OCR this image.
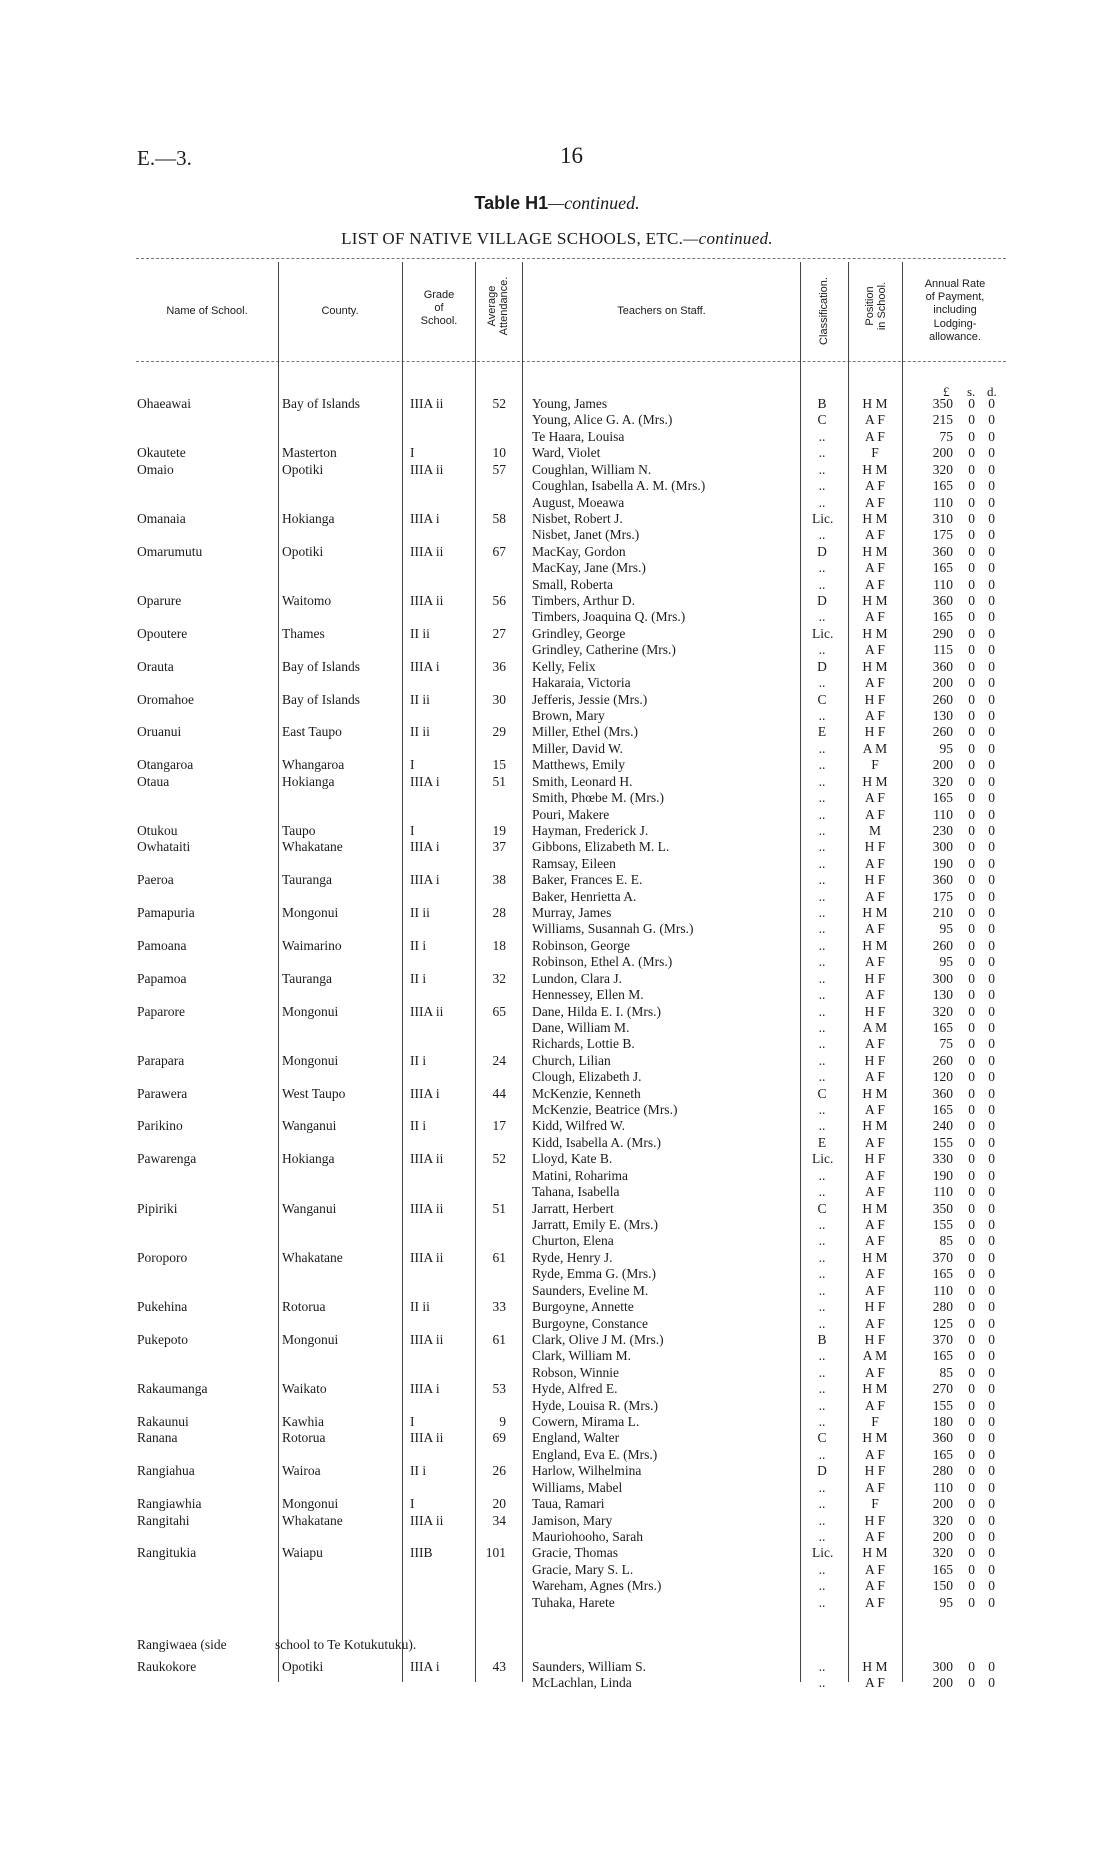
E.—3.	16
Table H1—continued.
LIST OF NATIVE VILLAGE SCHOOLS, ETC.—continued.
Name of School.	County.
Grade
of
School.	Average Attendance.	Teachers on Staff.	Classification.	Position in School.	Annual Rate
of Payment,
including
Lodging-
allowance.
£ s. d.
Ohaeawai	Bay of Islands	IIIA ii	52 Young, James	B	H M	350	0 0
Young, Alice G. A. (Mrs.)	C	A F	215	0 0
Te Haara, Louisa	..	A F	75	0 0
Okautete	Masterton	I	10 Ward, Violet	..	F	200	0 0
Omaio	Opotiki	IIIA ii	57 Coughlan, William N.	..	H M	320	0 0
Coughlan, Isabella A. M. (Mrs.)	..	A F	165	0 0
August, Moeawa	..	A F	110	0 0
Omanaia	Hokianga	IIIA i	58 Nisbet, Robert J.	Lic.	H M	310	0 0
Nisbet, Janet (Mrs.)	..	A F	175	0 0
Omarumutu	Opotiki	IIIA ii	67 MacKay, Gordon	D	H M	360	0 0
MacKay, Jane (Mrs.)	..	A F	165	0 0
Small, Roberta	..	A F	110	0 0
Oparure	Waitomo	IIIA ii	56 Timbers, Arthur D.	D	H M	360	0 0
Timbers, Joaquina Q. (Mrs.)	..	A F	165	0 0
Opoutere	Thames	II ii	27 Grindley, George	Lic.	H M	290	0 0
Grindley, Catherine (Mrs.)	..	A F	115	0 0
Orauta	Bay of Islands	IIIA i	36 Kelly, Felix	D	H M	360	0 0
Hakaraia, Victoria	..	A F	200	0 0
Oromahoe	Bay of Islands	II ii	30 Jefferis, Jessie (Mrs.)	C	H F	260	0 0
Brown, Mary	..	A F	130	0 0
Oruanui	East Taupo	II ii	29 Miller, Ethel (Mrs.)	E	H F	260	0 0
Miller, David W.	..	A M	95	0 0
Otangaroa	Whangaroa	I	15 Matthews, Emily	..	F	200	0 0
Otaua	Hokianga	IIIA i	51 Smith, Leonard H.	..	H M	320	0 0
Smith, Phœbe M. (Mrs.)	..	A F	165	0 0
Pouri, Makere	..	A F	110	0 0
Otukou	Taupo	I	19 Hayman, Frederick J.	..	M	230	0 0
Owhataiti	Whakatane	IIIA i	37 Gibbons, Elizabeth M. L.	..	H F	300	0 0
Ramsay, Eileen	..	A F	190	0 0
Paeroa	Tauranga	IIIA i	38 Baker, Frances E. E.	..	H F	360	0 0
Baker, Henrietta A.	..	A F	175	0 0
Pamapuria	Mongonui	II ii	28 Murray, James	..	H M	210	0 0
Williams, Susannah G. (Mrs.)	..	A F	95	0 0
Pamoana	Waimarino	II i	18 Robinson, George	..	H M	260	0 0
Robinson, Ethel A. (Mrs.)	..	A F	95	0 0
Papamoa	Tauranga	II i	32 Lundon, Clara J.	..	H F	300	0 0
Hennessey, Ellen M.	..	A F	130	0 0
Paparore	Mongonui	IIIA ii	65 Dane, Hilda E. I. (Mrs.)	..	H F	320	0 0
Dane, William M.	..	A M	165	0 0
Richards, Lottie B.	..	A F	75	0 0
Parapara	Mongonui	II i	24 Church, Lilian	..	H F	260	0 0
Clough, Elizabeth J.	..	A F	120	0 0
Parawera	West Taupo	IIIA i	44 McKenzie, Kenneth	C	H M	360	0 0
McKenzie, Beatrice (Mrs.)	..	A F	165	0 0
Parikino	Wanganui	II i	17 Kidd, Wilfred W.	..	H M	240	0 0
Kidd, Isabella A. (Mrs.)	E	A F	155	0 0
Pawarenga	Hokianga	IIIA ii	52 Lloyd, Kate B.	Lic.	H F	330	0 0
Matini, Roharima	..	A F	190	0 0
Tahana, Isabella	..	A F	110	0 0
Pipiriki	Wanganui	IIIA ii	51 Jarratt, Herbert	C	H M	350	0 0
Jarratt, Emily E. (Mrs.)	..	A F	155	0 0
Churton, Elena	..	A F	85	0 0
Poroporo	Whakatane	IIIA ii	61 Ryde, Henry J.	..	H M	370	0 0
Ryde, Emma G. (Mrs.)	..	A F	165	0 0
Saunders, Eveline M.	..	A F	110	0 0
Pukehina	Rotorua	II ii	33 Burgoyne, Annette	..	H F	280	0 0
Burgoyne, Constance	..	A F	125	0 0
Pukepoto	Mongonui	IIIA ii	61 Clark, Olive J M. (Mrs.)	B	H F	370	0 0
Clark, William M.	..	A M	165	0 0
Robson, Winnie	..	A F	85	0 0
Rakaumanga	Waikato	IIIA i	53 Hyde, Alfred E.	..	H M	270	0 0
Hyde, Louisa R. (Mrs.)	..	A F	155	0 0
Rakaunui	Kawhia	I	9 Cowern, Mirama L.	..	F	180	0 0
Ranana	Rotorua	IIIA ii	69 England, Walter	C	H M	360	0 0
England, Eva E. (Mrs.)	..	A F	165	0 0
Rangiahua	Wairoa	II i	26 Harlow, Wilhelmina	D	H F	280	0 0
Williams, Mabel	..	A F	110	0 0
Rangiawhia	Mongonui	I	20 Taua, Ramari	..	F	200	0 0
Rangitahi	Whakatane	IIIA ii	34 Jamison, Mary	..	H F	320	0 0
Mauriohooho, Sarah	..	A F	200	0 0
Rangitukia	Waiapu	IIIB	101 Gracie, Thomas	Lic.	H M	320	0 0
Gracie, Mary S. L.	..	A F	165	0 0
Wareham, Agnes (Mrs.)	..	A F	150	0 0
Tuhaka, Harete	..	A F	95	0 0
Rangiwaea (side	school to Te Kotukutuku).
Raukokore	Opotiki	IIIA i	43 Saunders, William S.	..	H M	300	0 0
McLachlan, Linda	..	A F	200	0 0
